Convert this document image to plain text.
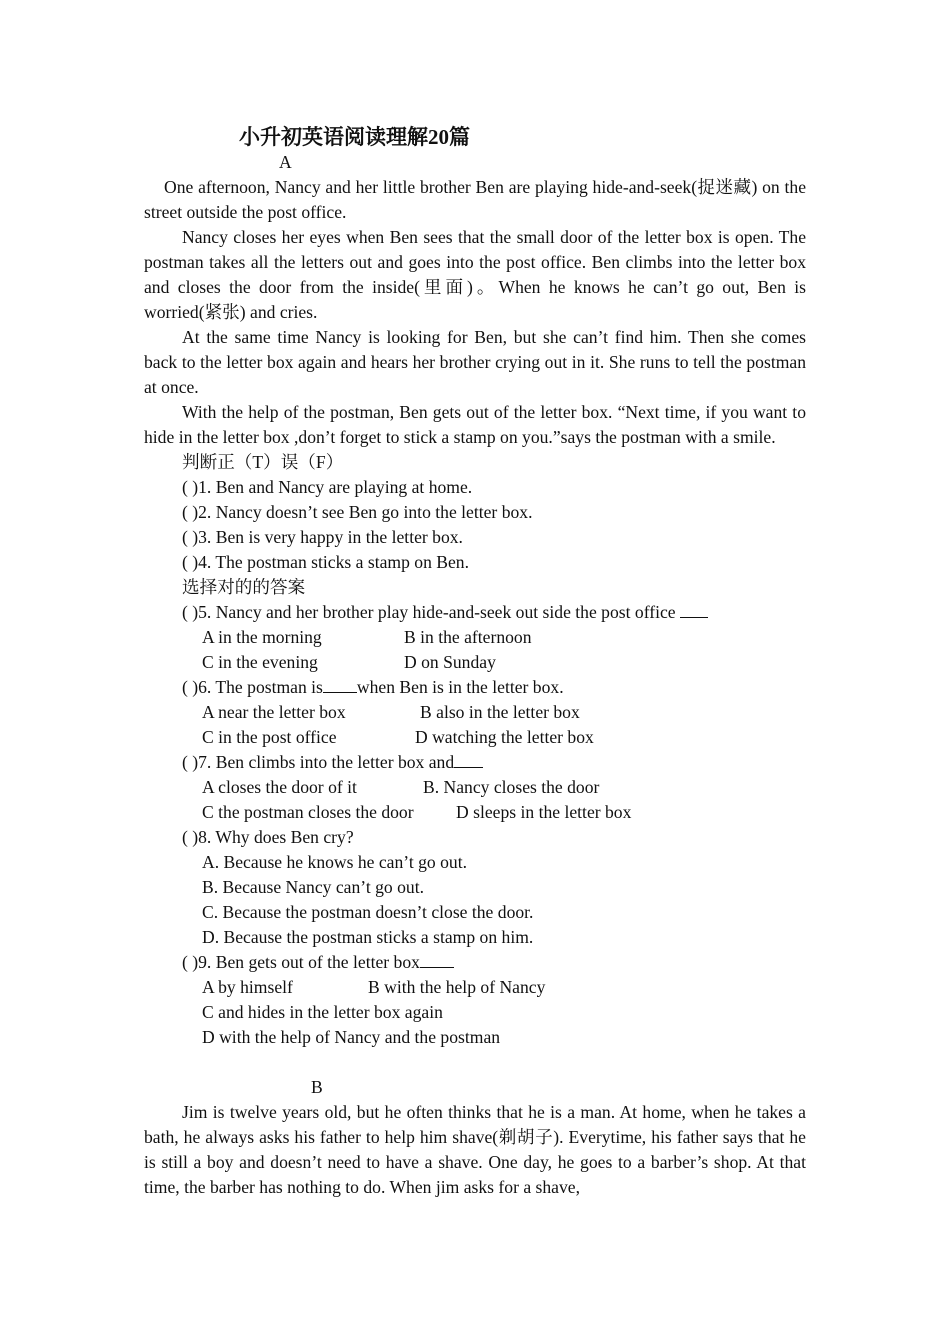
小升初英语阅读理解20篇
A

One afternoon, Nancy and her little brother Ben are playing hide-and-seek(捉迷藏) on the street outside the post office.

Nancy closes her eyes when Ben sees that the small door of the letter box is open. The postman takes all the letters out and goes into the post office. Ben climbs into the letter box and closes the door from the inside(里面)。When he knows he can’t go out, Ben is worried(紧张) and cries.

At the same time Nancy is looking for Ben, but she can’t find him. Then she comes back to the letter box again and hears her brother crying out in it. She runs to tell the postman at once.

With the help of the postman, Ben gets out of the letter box. “Next time, if you want to hide in the letter box ,don’t forget to stick a stamp on you.”says the postman with a smile.

判断正（T）误（F）
( )1. Ben and Nancy are playing at home.
( )2. Nancy doesn’t see Ben go into the letter box.
( )3. Ben is very happy in the letter box.
( )4. The postman sticks a stamp on Ben.
选择对的的答案
( )5. Nancy and her brother play hide-and-seek out side the post office
A in the morning	B in the afternoon
C in the evening	D on Sunday
( )6. The postman is when Ben is in the letter box.
A near the letter box	B also in the letter box
C in the post office	D watching the letter box
( )7. Ben climbs into the letter box and
A closes the door of it	B. Nancy closes the door
C the postman closes the door D sleeps in the letter box
( )8. Why does Ben cry?
A. Because he knows he can’t go out.
B. Because Nancy can’t go out.
C. Because the postman doesn’t close the door.
D. Because the postman sticks a stamp on him.
( )9. Ben gets out of the letter box
A by himself	B with the help of Nancy
C and hides in the letter box again
D with the help of Nancy and the postman
B

Jim is twelve years old, but he often thinks that he is a man. At home, when he takes a bath, he always asks his father to help him shave(剃胡子). Everytime, his father says that he is still a boy and doesn’t need to have a shave. One day, he goes to a barber’s shop. At that time, the barber has nothing to do. When jim asks for a shave,
